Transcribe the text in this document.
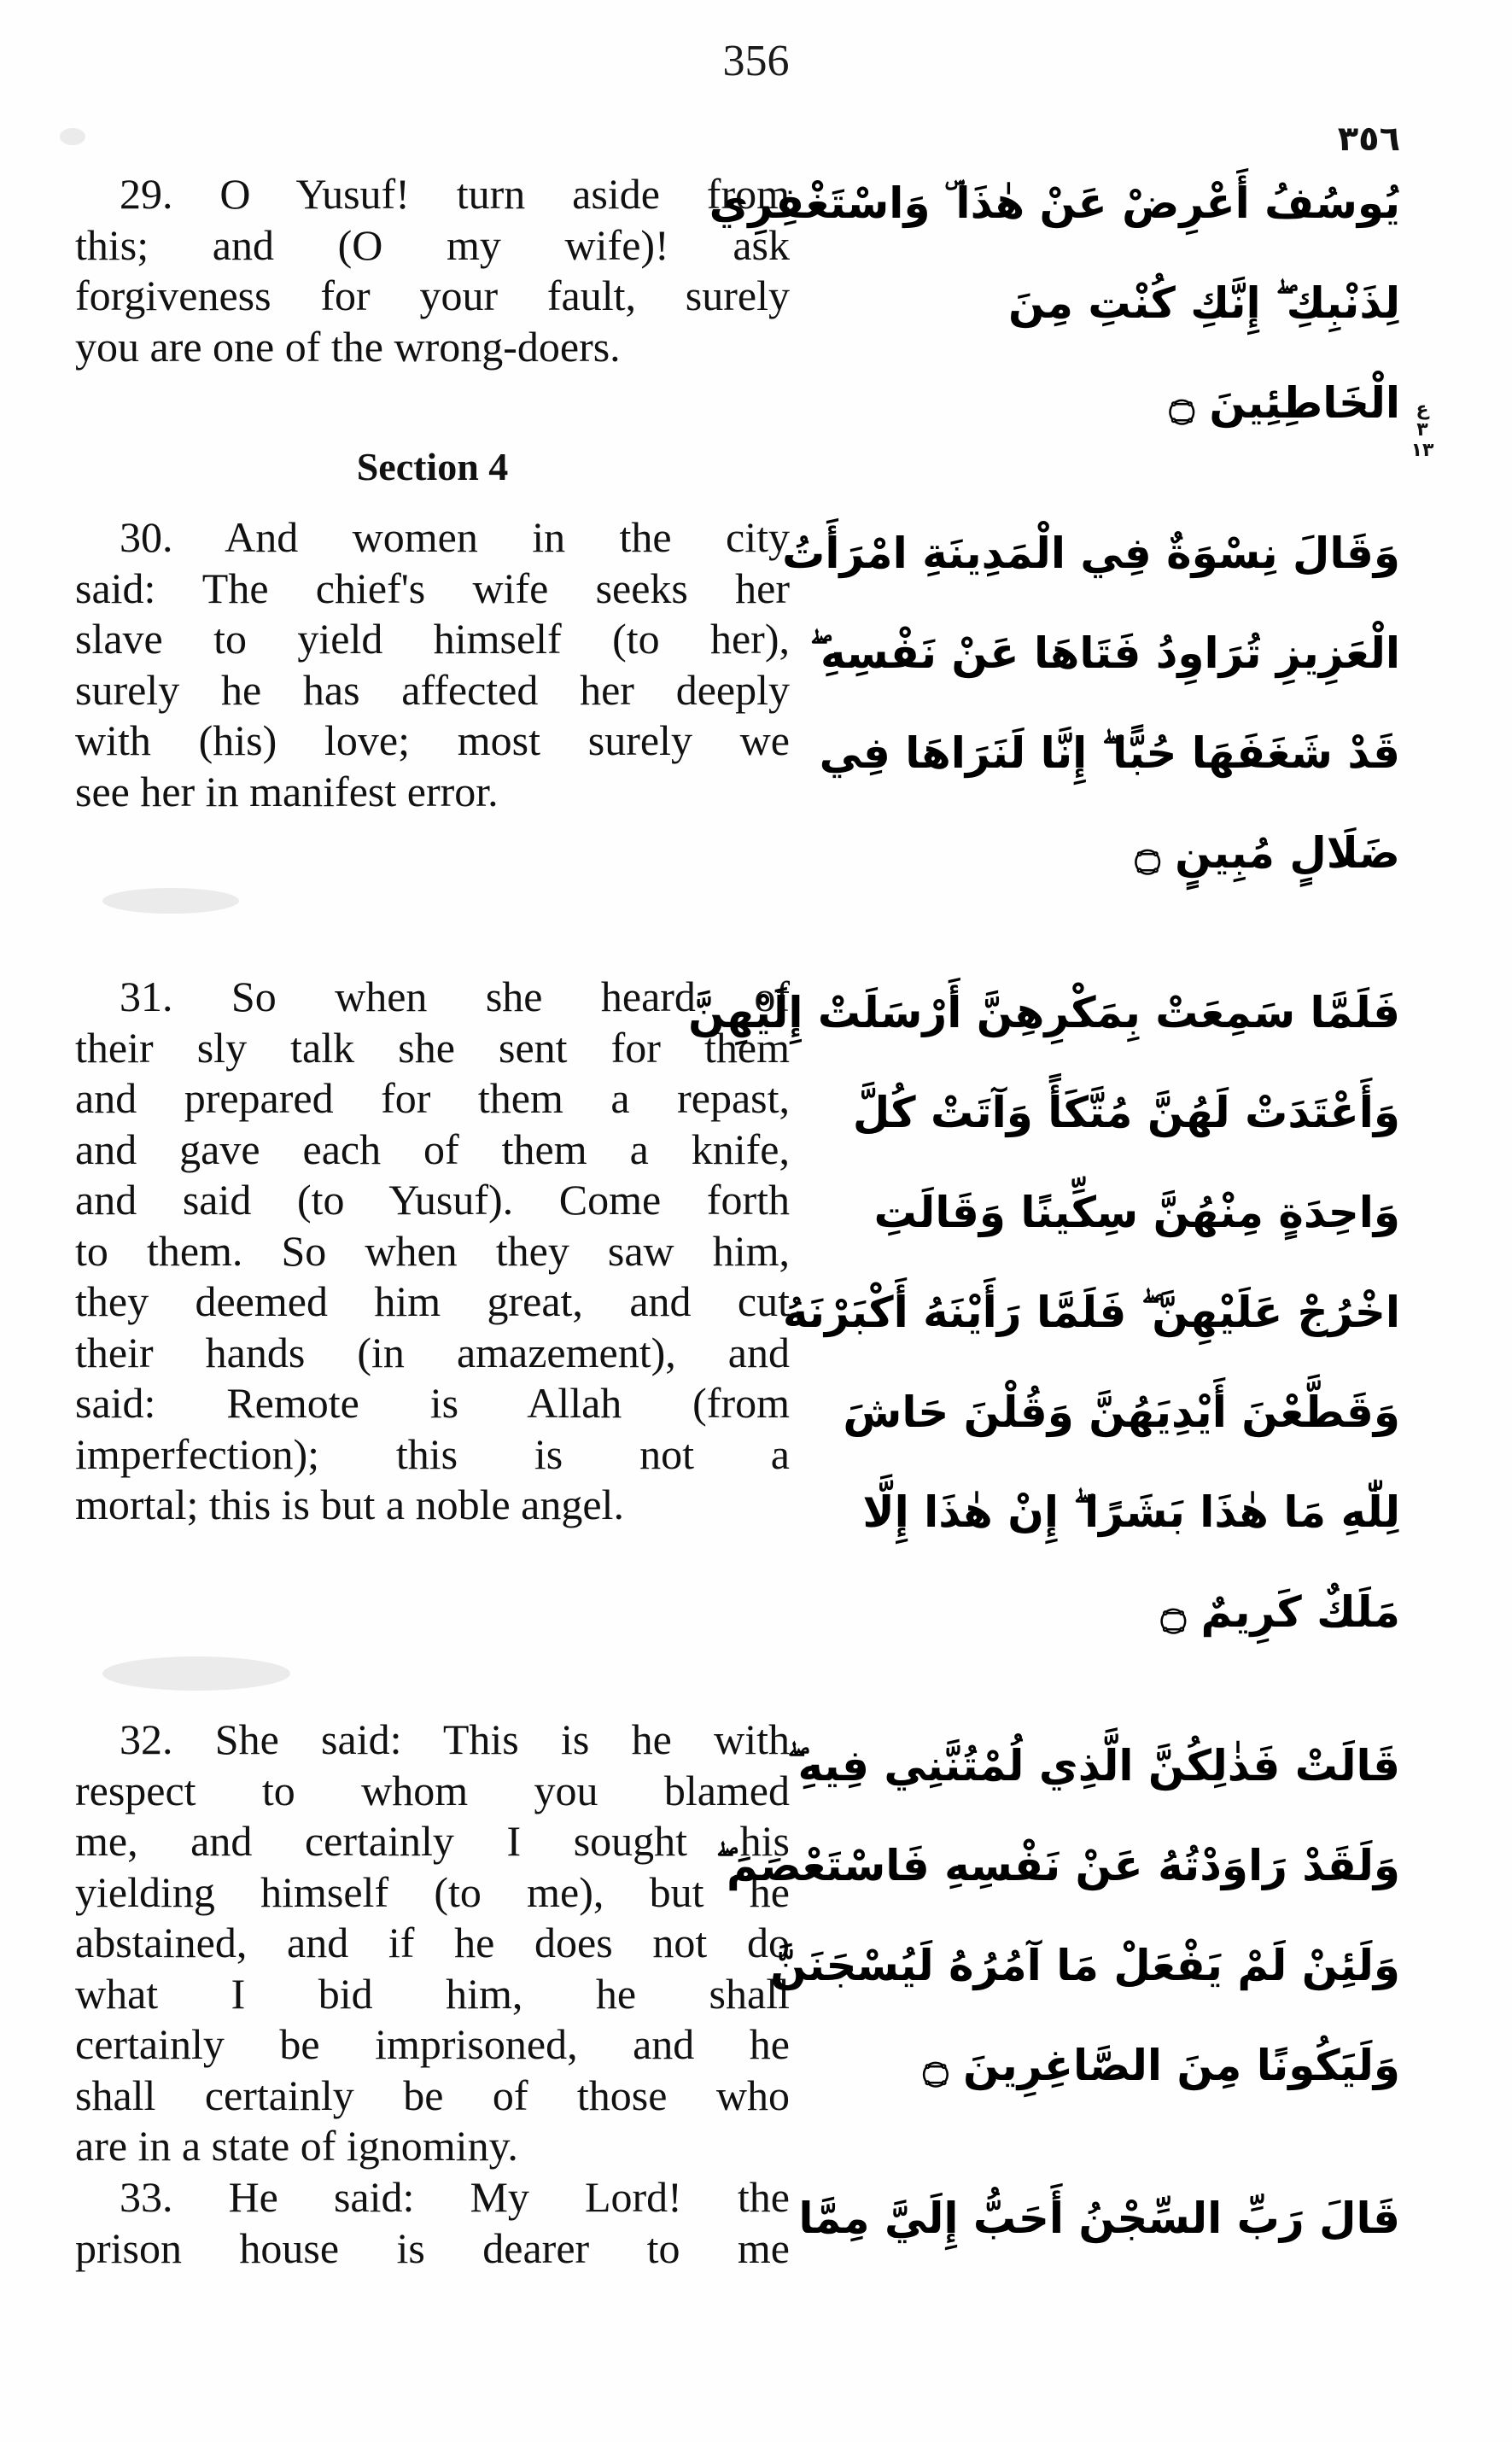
356
٣٥٦
29. O Yusuf! turn aside from
this; and (O my wife)! ask
forgiveness for your fault, surely
you are one of the wrong-doers.
Section 4
30. And women in the city
said: The chief's wife seeks her
slave to yield himself (to her),
surely he has affected her deeply
with (his) love; most surely we
see her in manifest error.
31. So when she heard of
their sly talk she sent for them
and prepared for them a repast,
and gave each of them a knife,
and said (to Yusuf). Come forth
to them. So when they saw him,
they deemed him great, and cut
their hands (in amazement), and
said: Remote is Allah (from
imperfection); this is not a
mortal; this is but a noble angel.
32. She said: This is he with
respect to whom you blamed
me, and certainly I sought his
yielding himself (to me), but he
abstained, and if he does not do
what I bid him, he shall
certainly be imprisoned, and he
shall certainly be of those who
are in a state of ignominy.
33. He said: My Lord! the
prison house is dearer to me
يُوسُفُ أَعْرِضْ عَنْ هٰذَا ۜ وَاسْتَغْفِرِي
لِذَنْبِكِ ۖ إِنَّكِ كُنْتِ مِنَ
الْخَاطِئِينَ ۝ ع ٣ ١٣
وَقَالَ نِسْوَةٌ فِي الْمَدِينَةِ امْرَأَتُ
الْعَزِيزِ تُرَاوِدُ فَتَاهَا عَنْ نَفْسِهِ ۖ
قَدْ شَغَفَهَا حُبًّا ۖ إِنَّا لَنَرَاهَا فِي
ضَلَالٍ مُبِينٍ ۝
فَلَمَّا سَمِعَتْ بِمَكْرِهِنَّ أَرْسَلَتْ إِلَيْهِنَّ
وَأَعْتَدَتْ لَهُنَّ مُتَّكَأً وَآتَتْ كُلَّ
وَاحِدَةٍ مِنْهُنَّ سِكِّينًا وَقَالَتِ
اخْرُجْ عَلَيْهِنَّ ۖ فَلَمَّا رَأَيْنَهُ أَكْبَرْنَهُ
وَقَطَّعْنَ أَيْدِيَهُنَّ وَقُلْنَ حَاشَ
لِلّٰهِ مَا هٰذَا بَشَرًا ۖ إِنْ هٰذَا إِلَّا
مَلَكٌ كَرِيمٌ ۝
قَالَتْ فَذٰلِكُنَّ الَّذِي لُمْتُنَّنِي فِيهِ ۖ
وَلَقَدْ رَاوَدْتُهُ عَنْ نَفْسِهِ فَاسْتَعْصَمَ ۖ
وَلَئِنْ لَمْ يَفْعَلْ مَا آمُرُهُ لَيُسْجَنَنَّ
وَلَيَكُونًا مِنَ الصَّاغِرِينَ ۝
قَالَ رَبِّ السِّجْنُ أَحَبُّ إِلَيَّ مِمَّا
